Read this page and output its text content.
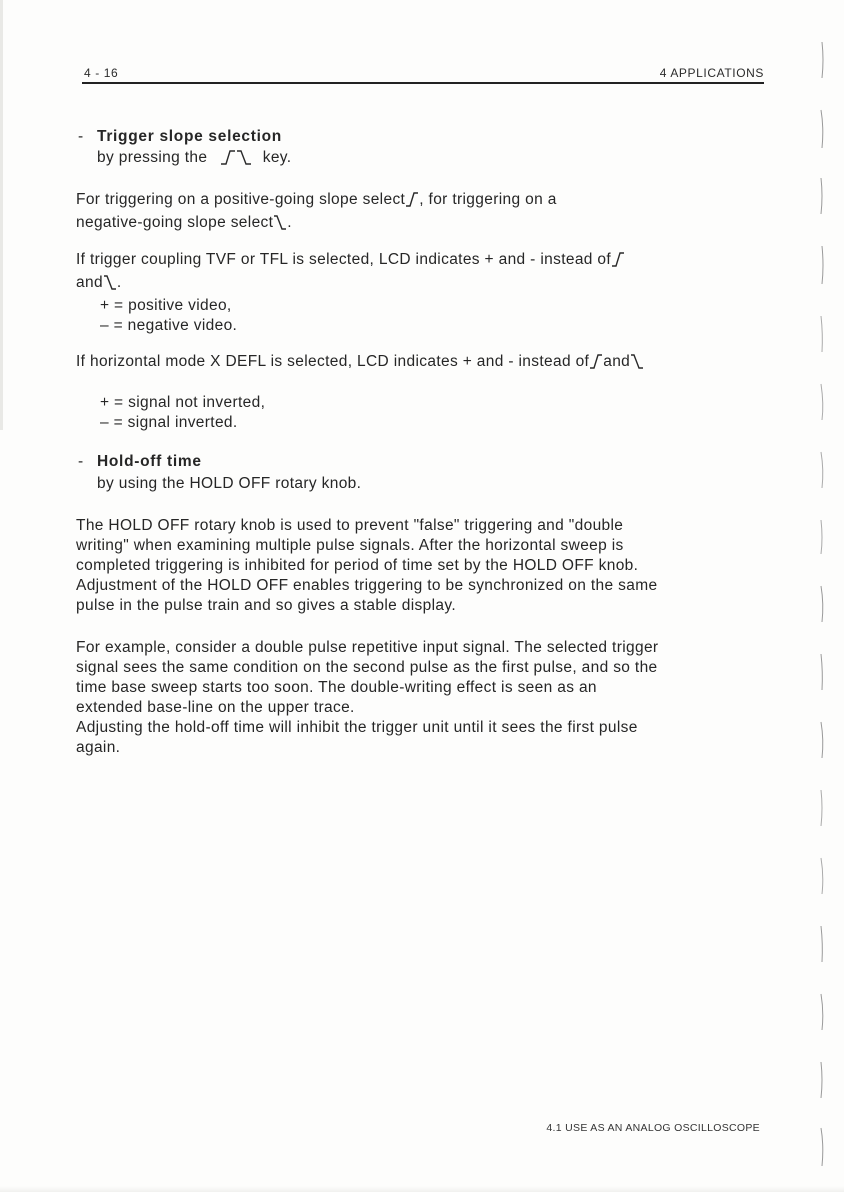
4 - 16	4 APPLICATIONS
- Trigger slope selection
by pressing the	key.

For triggering on a positive-going slope select , for triggering on a
negative-going slope select .

If trigger coupling TVF or TFL is selected, LCD indicates + and - instead of
and .

+ = positive video,
– = negative video.

If horizontal mode X DEFL is selected, LCD indicates + and - instead of and

+ = signal not inverted,
– = signal inverted.

- Hold-off time
by using the HOLD OFF rotary knob.

The HOLD OFF rotary knob is used to prevent "false" triggering and "double
writing" when examining multiple pulse signals. After the horizontal sweep is
completed triggering is inhibited for period of time set by the HOLD OFF knob.
Adjustment of the HOLD OFF enables triggering to be synchronized on the same
pulse in the pulse train and so gives a stable display.

For example, consider a double pulse repetitive input signal. The selected trigger
signal sees the same condition on the second pulse as the first pulse, and so the
time base sweep starts too soon. The double-writing effect is seen as an
extended base-line on the upper trace.
Adjusting the hold-off time will inhibit the trigger unit until it sees the first pulse
again.

4.1 USE AS AN ANALOG OSCILLOSCOPE
